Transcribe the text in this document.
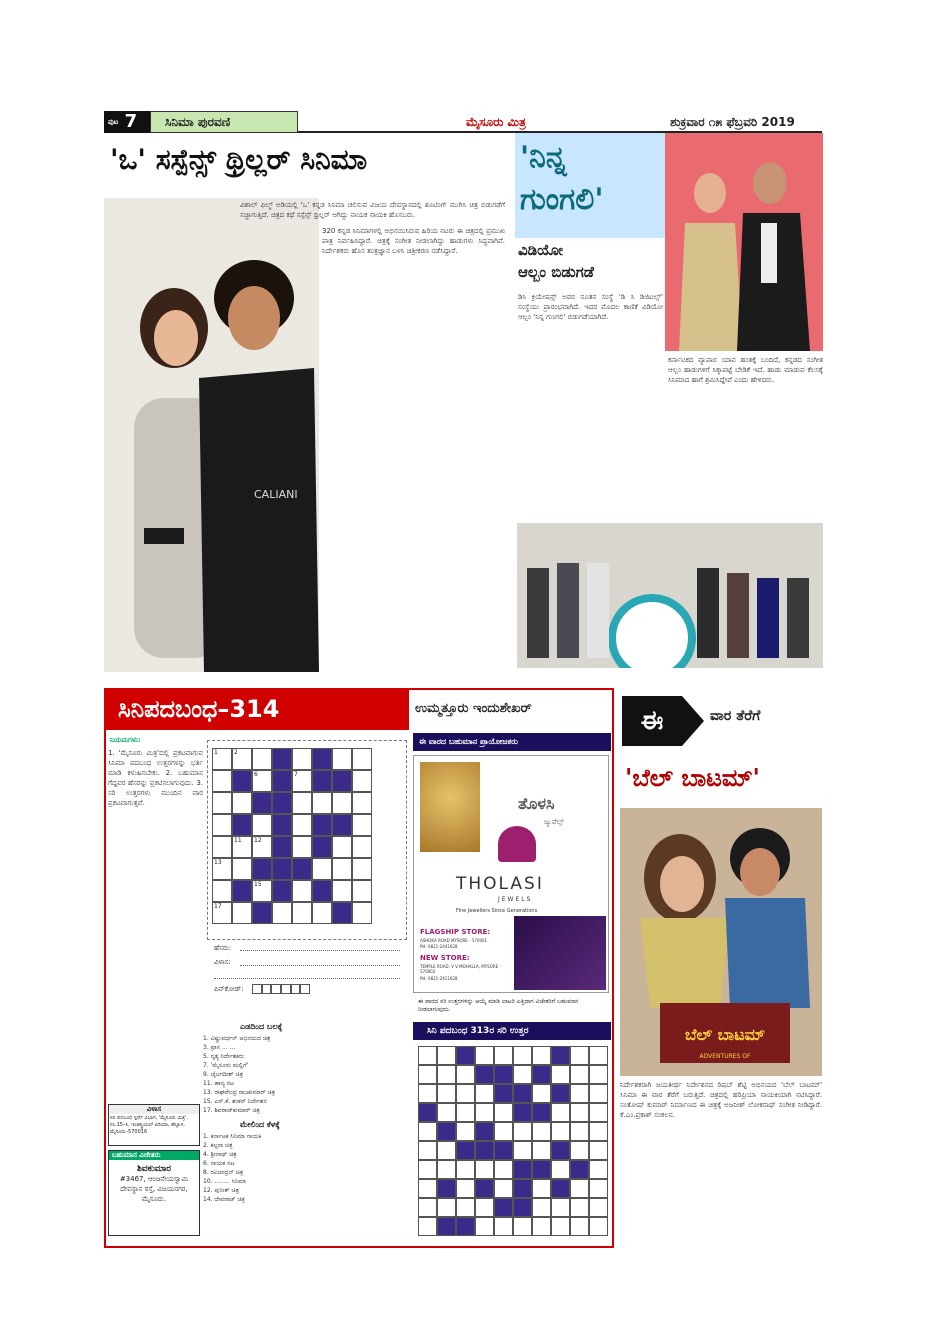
ಪುಟ 7	ಸಿನಿಮಾ ಪುರವಣಿ	ಮೈಸೂರು ಮಿತ್ರ	ಶುಕ್ರವಾರ ೧೫ ಫೆಬ್ರವರಿ 2019
'ಒ' ಸಸ್ಪೆನ್ಸ್ ಥ್ರಿಲ್ಲರ್ ಸಿನಿಮಾ
CALIANI
ವಿಶಾಲ್ ಫಿಲ್ಮ್ ಅಡಿಯಲ್ಲಿ 'ಒ' ಕನ್ನಡ ಸಿನಿಮಾ ಚಲಿಸುವ ವಿಜಯ ದೇವಸ್ಥಾನದಲ್ಲಿ ಶೂಟಿಂಗ್ ಮುಗಿಸಿ ಚಿತ್ರ ಬಿಡುಗಡೆಗೆ ಸಜ್ಜಾಗುತ್ತಿದೆ. ಚಿತ್ರದ ಕಥೆ ಸಸ್ಪೆನ್ಸ್ ಥ್ರಿಲ್ಲರ್ ಆಗಿದ್ದು ನಾಯಕ ನಾಯಕಿ ಹೊಸಬರು.
320 ಕನ್ನಡ ಸಿನಿಮಾಗಳಲ್ಲಿ ಅಭಿನಯಿಸಿರುವ ಹಿರಿಯ ನಟರು ಈ ಚಿತ್ರದಲ್ಲಿ ಪ್ರಮುಖ ಪಾತ್ರ ನಿರ್ವಹಿಸಿದ್ದಾರೆ. ಚಿತ್ರಕ್ಕೆ ಸಂಗೀತ ನೀಡಲಾಗಿದ್ದು ಹಾಡುಗಳು ಸಿದ್ಧವಾಗಿವೆ. ನಿರ್ದೇಶಕರು ಹೊಸ ತಂತ್ರಜ್ಞಾನ ಬಳಸಿ ಚಿತ್ರೀಕರಣ ನಡೆಸಿದ್ದಾರೆ.
'ನಿನ್ನ
ಗುಂಗಲಿ'
ವಿಡಿಯೋ
ಆಲ್ಬಂ ಬಿಡುಗಡೆ
ಡಿಸಿ ಕ್ರಿಯೇಷನ್ಸ್ ಅವರ ನೂತನ ಸಂಸ್ಥೆ 'ಡಿ ಸಿ ಡಿಜಿಟಲ್ಸ್' ಸಂಸ್ಥೆಯು ಪ್ರಾರಂಭವಾಗಿದೆ. ಇದರ ಮೊದಲ ಕಾಣಿಕೆ ವಿಡಿಯೋ ಆಲ್ಬಂ 'ನಿನ್ನ ಗುಂಗಲಿ' ಬಿಡುಗಡೆಯಾಗಿದೆ.
ಕರ್ನಾಟಕದ ವ್ಯಾಪಾರ ಯಾವ ಹಂತಕ್ಕೆ ಬಂದಿದೆ, ಕನ್ನಡದ ಸಂಗೀತ ಆಲ್ಬಂ ಹಾಡುಗಳಿಗೆ ಸಿಕ್ಕಾಪಟ್ಟೆ ಬೇಡಿಕೆ ಇದೆ. ಹಾಡು ಮಾಡುವ ಕೆಲಸಕ್ಕೆ ಸಿನಿಮಾದ ಹಾಗೆ ಶ್ರಮಿಸಿದ್ದೇವೆ ಎಂದು ಹೇಳಿದರು.
ಸಿನಿಪದಬಂಧ–314	ಉಮ್ಮತ್ತೂರು ಇಂದುಶೇಖರ್
ನಿಯಮಗಳು:
1. 'ಮೈಸೂರು ಮಿತ್ರ'ದಲ್ಲಿ ಪ್ರಕಟವಾಗುವ ಸಿನಿಮಾ ಪದಬಂಧ ಉತ್ತರಗಳನ್ನು ಭರ್ತಿ ಮಾಡಿ ಕಳುಹಿಸಬೇಕು. 2. ಬಹುಮಾನ ಗೆದ್ದವರ ಹೆಸರನ್ನು ಪ್ರಕಟಿಸಲಾಗುವುದು. 3. ಸರಿ ಉತ್ತರಗಳು ಮುಂದಿನ ವಾರ ಪ್ರಕಟವಾಗುತ್ತವೆ.
1	2
6	7
11 12
13
15
17
ಹೆಸರು:
ವಿಳಾಸ:
ಪಿನ್‌ಕೋಡ್:
ಎಡದಿಂದ ಬಲಕ್ಕೆ
1. ವಿಷ್ಣುವರ್ಧನ್ ಅಭಿನಯದ ಚಿತ್ರ
3. ಪ್ರಾಸ ... ...
5. ನೃತ್ಯ ನಿರ್ದೇಶಕರು
7. 'ಮೈಸೂರು ಮಲ್ಲಿಗೆ'
9. ಜೈಜಗದೀಶ್ ಚಿತ್ರ
11. ಹಾಸ್ಯ ನಟ
13. ರಾಘವೇಂದ್ರ ರಾಜಕುಮಾರ್ ಚಿತ್ರ
15. ಎಸ್.ಕೆ. ಶಂಕರ್ ನಿರ್ದೇಶನ
17. ಶಿವರಾಜ್‌ಕುಮಾರ್ ಚಿತ್ರ
ಮೇಲಿಂದ ಕೆಳಕ್ಕೆ
1. ಕರ್ನಾಟಕ ಸಿನಿಮಾ ನಾಯಕಿ
2. ಕಲ್ಪನಾ ಚಿತ್ರ
4. ಶ್ರೀನಾಥ್ ಚಿತ್ರ
6. ನಾಯಕ ನಟ
8. ರವಿಚಂದ್ರನ್ ಚಿತ್ರ
10. ........ ಸಿನಿಮಾ
12. ಪುನೀತ್ ಚಿತ್ರ
14. ದೇವರಾಜ್ ಚಿತ್ರ
ವಿಳಾಸ
ಸಿನಿ ಪದಬಂಧ ಸ್ಪರ್ಧೆ ವಿಭಾಗ, 'ಮೈಸೂರು ಮಿತ್ರ', ನಂ.15–ಸಿ, ಇಂಡಸ್ಟ್ರಿಯಲ್ ಏರಿಯಾ, ಹೆಬ್ಬಾಳ, ಮೈಸೂರು–570016
ಬಹುಮಾನ ವಿಜೇತರು
ಶಿವಕುಮಾರ
#3467, ಆಂಜನೇಯಸ್ವಾಮಿ ದೇವಸ್ಥಾನ ರಸ್ತೆ, ವಿಜಯನಗರ, ಮೈಸೂರು.
ಈ ವಾರದ ಬಹುಮಾನ ಪ್ರಾಯೋಜಕರು
ತೊಳಸಿ
ಜ್ಯುವೆಲ್ಸ್
THOLASI
JEWELS
Fine Jewellers Since Generations
FLAGSHIP STORE:
ASHOKA ROAD MYSORE - 570001
PH: 0821-2441628
NEW STORE:
TEMPLE ROAD, V V MOHALLA, MYSORE - 570002
PH: 0821-2411628
ಈ ವಾರದ ಸರಿ ಉತ್ತರಗಳನ್ನು ಆಯ್ಕೆ ಮಾಡಿ ಲಾಟರಿ ಎತ್ತಿದಾಗ ವಿಜೇತರಿಗೆ ಬಹುಮಾನ ನೀಡಲಾಗುವುದು.
ಸಿನಿ ಪದಬಂಧ 313ರ ಸರಿ ಉತ್ತರ
ಈ	ವಾರ ತೆರೆಗೆ
'ಬೆಲ್ ಬಾಟಮ್'
ಬೆಲ್ ಬಾಟಮ್
ADVENTURES OF
ನಿರ್ದೇಶಕರಾಗಿ ಜಯತೀರ್ಥ ನಿರ್ದೇಶನದ ರಿಷಬ್ ಶೆಟ್ಟಿ ಅಭಿನಯದ 'ಬೆಲ್ ಬಾಟಮ್' ಸಿನಿಮಾ ಈ ವಾರ ತೆರೆಗೆ ಬರುತ್ತಿದೆ. ಚಿತ್ರದಲ್ಲಿ ಹರಿಪ್ರಿಯಾ ನಾಯಕಿಯಾಗಿ ನಟಿಸಿದ್ದಾರೆ. ಸಂತೋಷ್ ಕುಮಾರ್ ನಿರ್ಮಾಣದ ಈ ಚಿತ್ರಕ್ಕೆ ಅಜನೀಶ್ ಲೋಕನಾಥ್ ಸಂಗೀತ ನೀಡಿದ್ದಾರೆ. ಕೆ.ಎಂ.ಪ್ರಕಾಶ್ ಸಂಕಲನ.
